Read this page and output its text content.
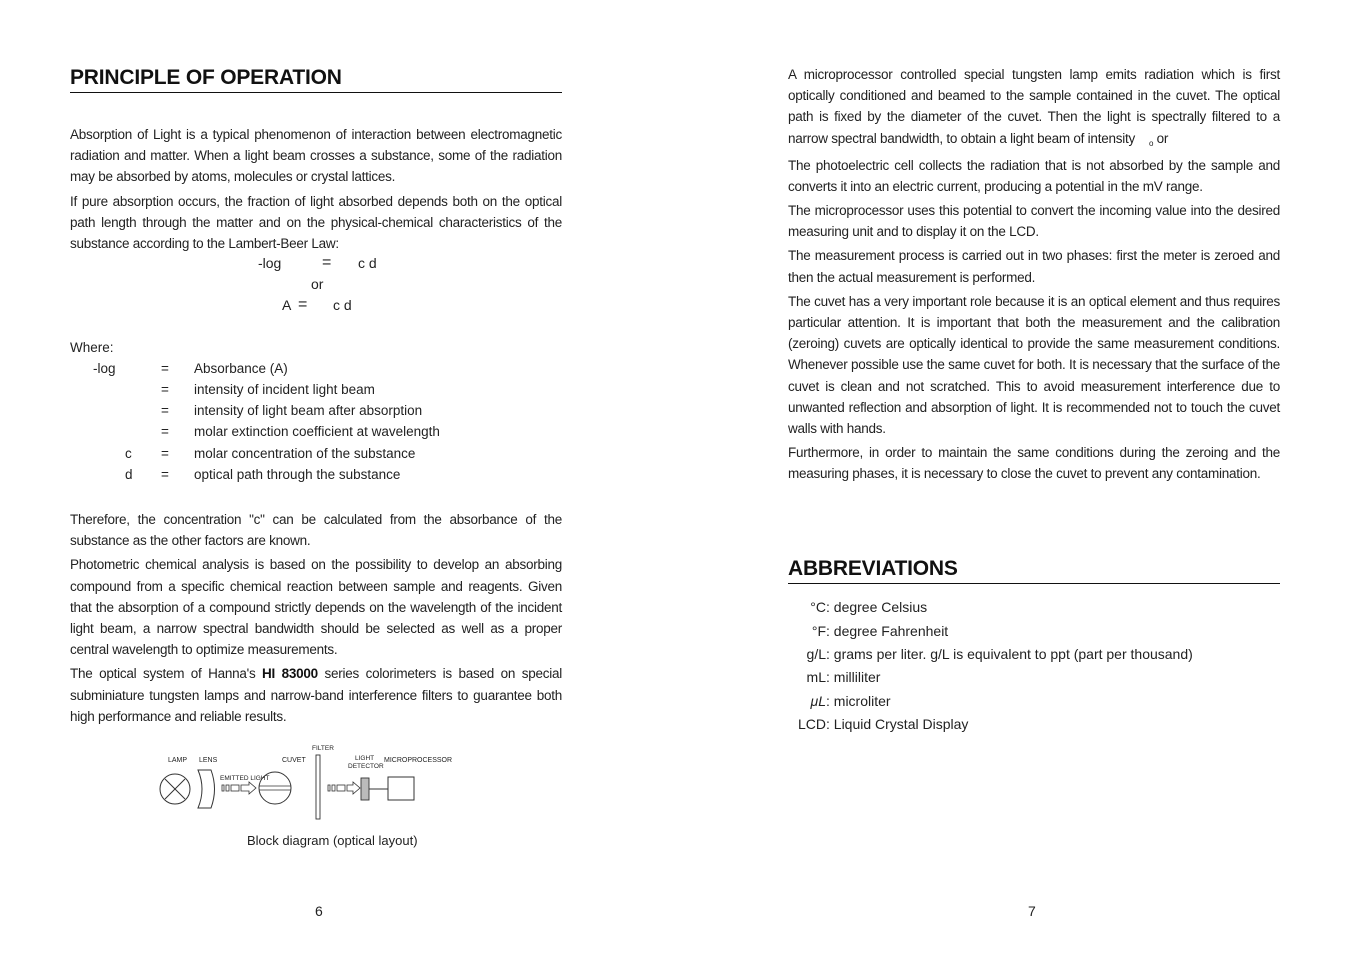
PRINCIPLE OF OPERATION

Absorption of Light is a typical phenomenon of interaction between electromagnetic radiation and matter. When a light beam crosses a substance, some of the radiation may be absorbed by atoms, molecules or crystal lattices.

If pure absorption occurs, the fraction of light absorbed depends both on the optical path length through the matter and on the physical-chemical characteristics of the substance according to the Lambert-Beer Law:

-log	= c d
or
A = c d
Where:
-log	= Absorbance (A)
= intensity of incident light beam
= intensity of light beam after absorption
= molar extinction coefficient at wavelength
c = molar concentration of the substance
d = optical path through the substance

Therefore, the concentration "c" can be calculated from the absorbance of the substance as the other factors are known.

Photometric chemical analysis is based on the possibility to develop an absorbing compound from a specific chemical reaction between sample and reagents. Given that the absorption of a compound strictly depends on the wavelength of the incident light beam, a narrow spectral bandwidth should be selected as well as a proper central wavelength to optimize measurements.

The optical system of Hanna's HI 83000 series colorimeters is based on special subminiature tungsten lamps and narrow-band interference filters to guarantee both high performance and reliable results.

LAMP LENS
EMITTED LIGHT
CUVET
FILTER
LIGHT
DETECTOR
MICROPROCESSOR
Block diagram (optical layout)
6

A microprocessor controlled special tungsten lamp emits radiation which is first optically conditioned and beamed to the sample contained in the cuvet. The optical path is fixed by the diameter of the cuvet. Then the light is spectrally filtered to a narrow spectral bandwidth, to obtain a light beam of intensity $_o$ or

The photoelectric cell collects the radiation that is not absorbed by the sample and converts it into an electric current, producing a potential in the mV range.

The microprocessor uses this potential to convert the incoming value into the desired measuring unit and to display it on the LCD.

The measurement process is carried out in two phases: first the meter is zeroed and then the actual measurement is performed.

The cuvet has a very important role because it is an optical element and thus requires particular attention. It is important that both the measurement and the calibration (zeroing) cuvets are optically identical to provide the same measurement conditions. Whenever possible use the same cuvet for both. It is necessary that the surface of the cuvet is clean and not scratched. This to avoid measurement interference due to unwanted reflection and absorption of light. It is recommended not to touch the cuvet walls with hands.

Furthermore, in order to maintain the same conditions during the zeroing and the measuring phases, it is necessary to close the cuvet to prevent any contamination.

ABBREVIATIONS
°C : degree Celsius
°F : degree Fahrenheit
g/L : grams per liter. g/L is equivalent to ppt (part per thousand)
mL : milliliter
μL : microliter
LCD : Liquid Crystal Display
7
